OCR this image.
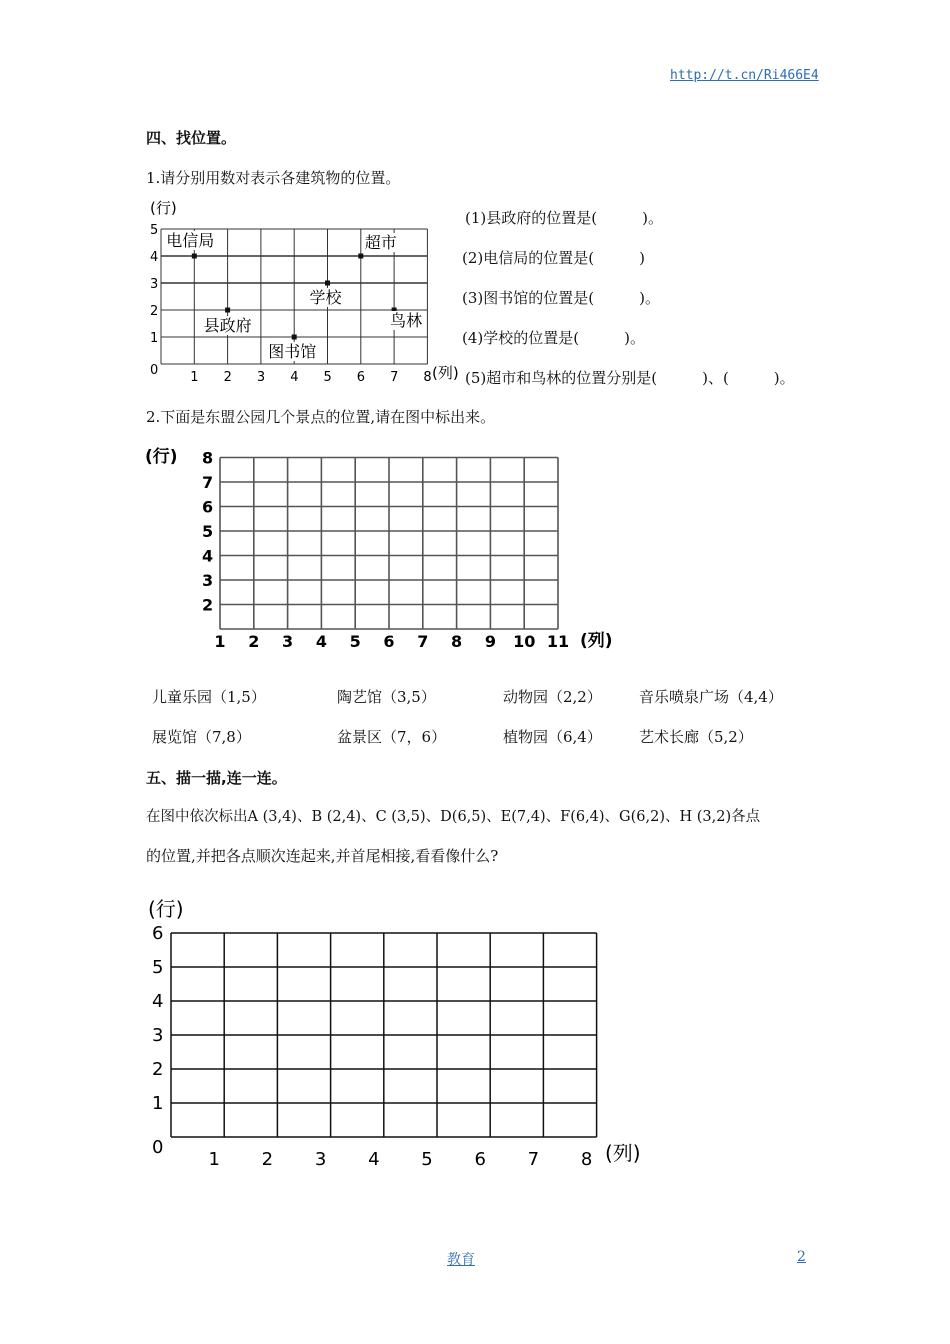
http://t.cn/Ri466E4
四、找位置。
1.请分别用数对表示各建筑物的位置。
0
1
2
3
4
5
1 2 3 4 5 6 7 8
电信局	超市
学校
县政府	鸟林
图书馆
(行)
(列)
(1)县政府的位置是(　　　)。
(2)电信局的位置是(　　　)
(3)图书馆的位置是(　　　)。
(4)学校的位置是(　　　)。
(5)超市和鸟林的位置分别是(　　　)、(　　　)。
2.下面是东盟公园几个景点的位置,请在图中标出来。
2
3
4
5
6
7
8
1 2 3 4 5 6 7 8 9 10 11
(行)
(列)
儿童乐园（1,5）	陶艺馆（3,5）	动物园（2,2） 音乐喷泉广场（4,4）
展览馆（7,8）	盆景区（7，6）	植物园（6,4） 艺术长廊（5,2）
五、描一描,连一连。
在图中依次标出A (3,4)、B (2,4)、C (3,5)、D(6,5)、E(7,4)、F(6,4)、G(6,2)、H (3,2)各点
的位置,并把各点顺次连起来,并首尾相接,看看像什么?
0
1
2
3
4
5
6
1 2 3 4 5 6 7 8
(行)
(列)
教育	2
